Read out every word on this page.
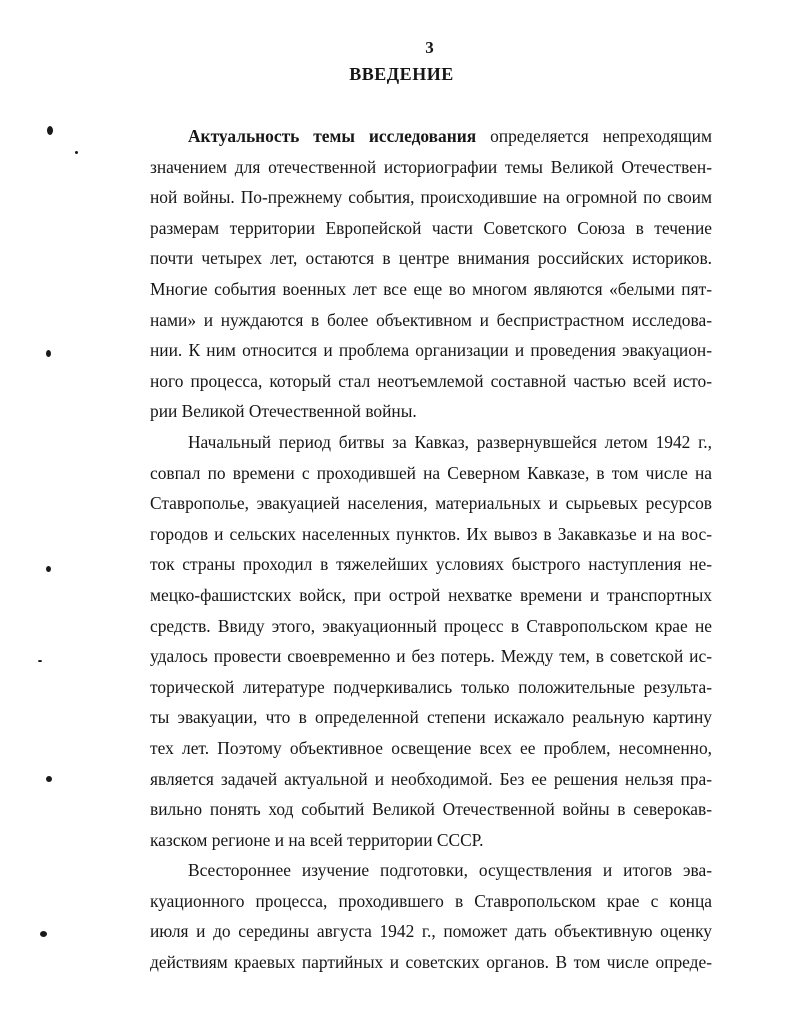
3
ВВЕДЕНИЕ
Актуальность темы исследования определяется непреходящим
значением для отечественной историографии темы Великой Отечествен-
ной войны. По-прежнему события, происходившие на огромной по своим
размерам территории Европейской части Советского Союза в течение
почти четырех лет, остаются в центре внимания российских историков.
Многие события военных лет все еще во многом являются «белыми пят-
нами» и нуждаются в более объективном и беспристрастном исследова-
нии. К ним относится и проблема организации и проведения эвакуацион-
ного процесса, который стал неотъемлемой составной частью всей исто-
рии Великой Отечественной войны.
Начальный период битвы за Кавказ, развернувшейся летом 1942 г.,
совпал по времени с проходившей на Северном Кавказе, в том числе на
Ставрополье, эвакуацией населения, материальных и сырьевых ресурсов
городов и сельских населенных пунктов. Их вывоз в Закавказье и на вос-
ток страны проходил в тяжелейших условиях быстрого наступления не-
мецко-фашистских войск, при острой нехватке времени и транспортных
средств. Ввиду этого, эвакуационный процесс в Ставропольском крае не
удалось провести своевременно и без потерь. Между тем, в советской ис-
торической литературе подчеркивались только положительные результа-
ты эвакуации, что в определенной степени искажало реальную картину
тех лет. Поэтому объективное освещение всех ее проблем, несомненно,
является задачей актуальной и необходимой. Без ее решения нельзя пра-
вильно понять ход событий Великой Отечественной войны в северокав-
казском регионе и на всей территории СССР.
Всестороннее изучение подготовки, осуществления и итогов эва-
куационного процесса, проходившего в Ставропольском крае с конца
июля и до середины августа 1942 г., поможет дать объективную оценку
действиям краевых партийных и советских органов. В том числе опреде-
